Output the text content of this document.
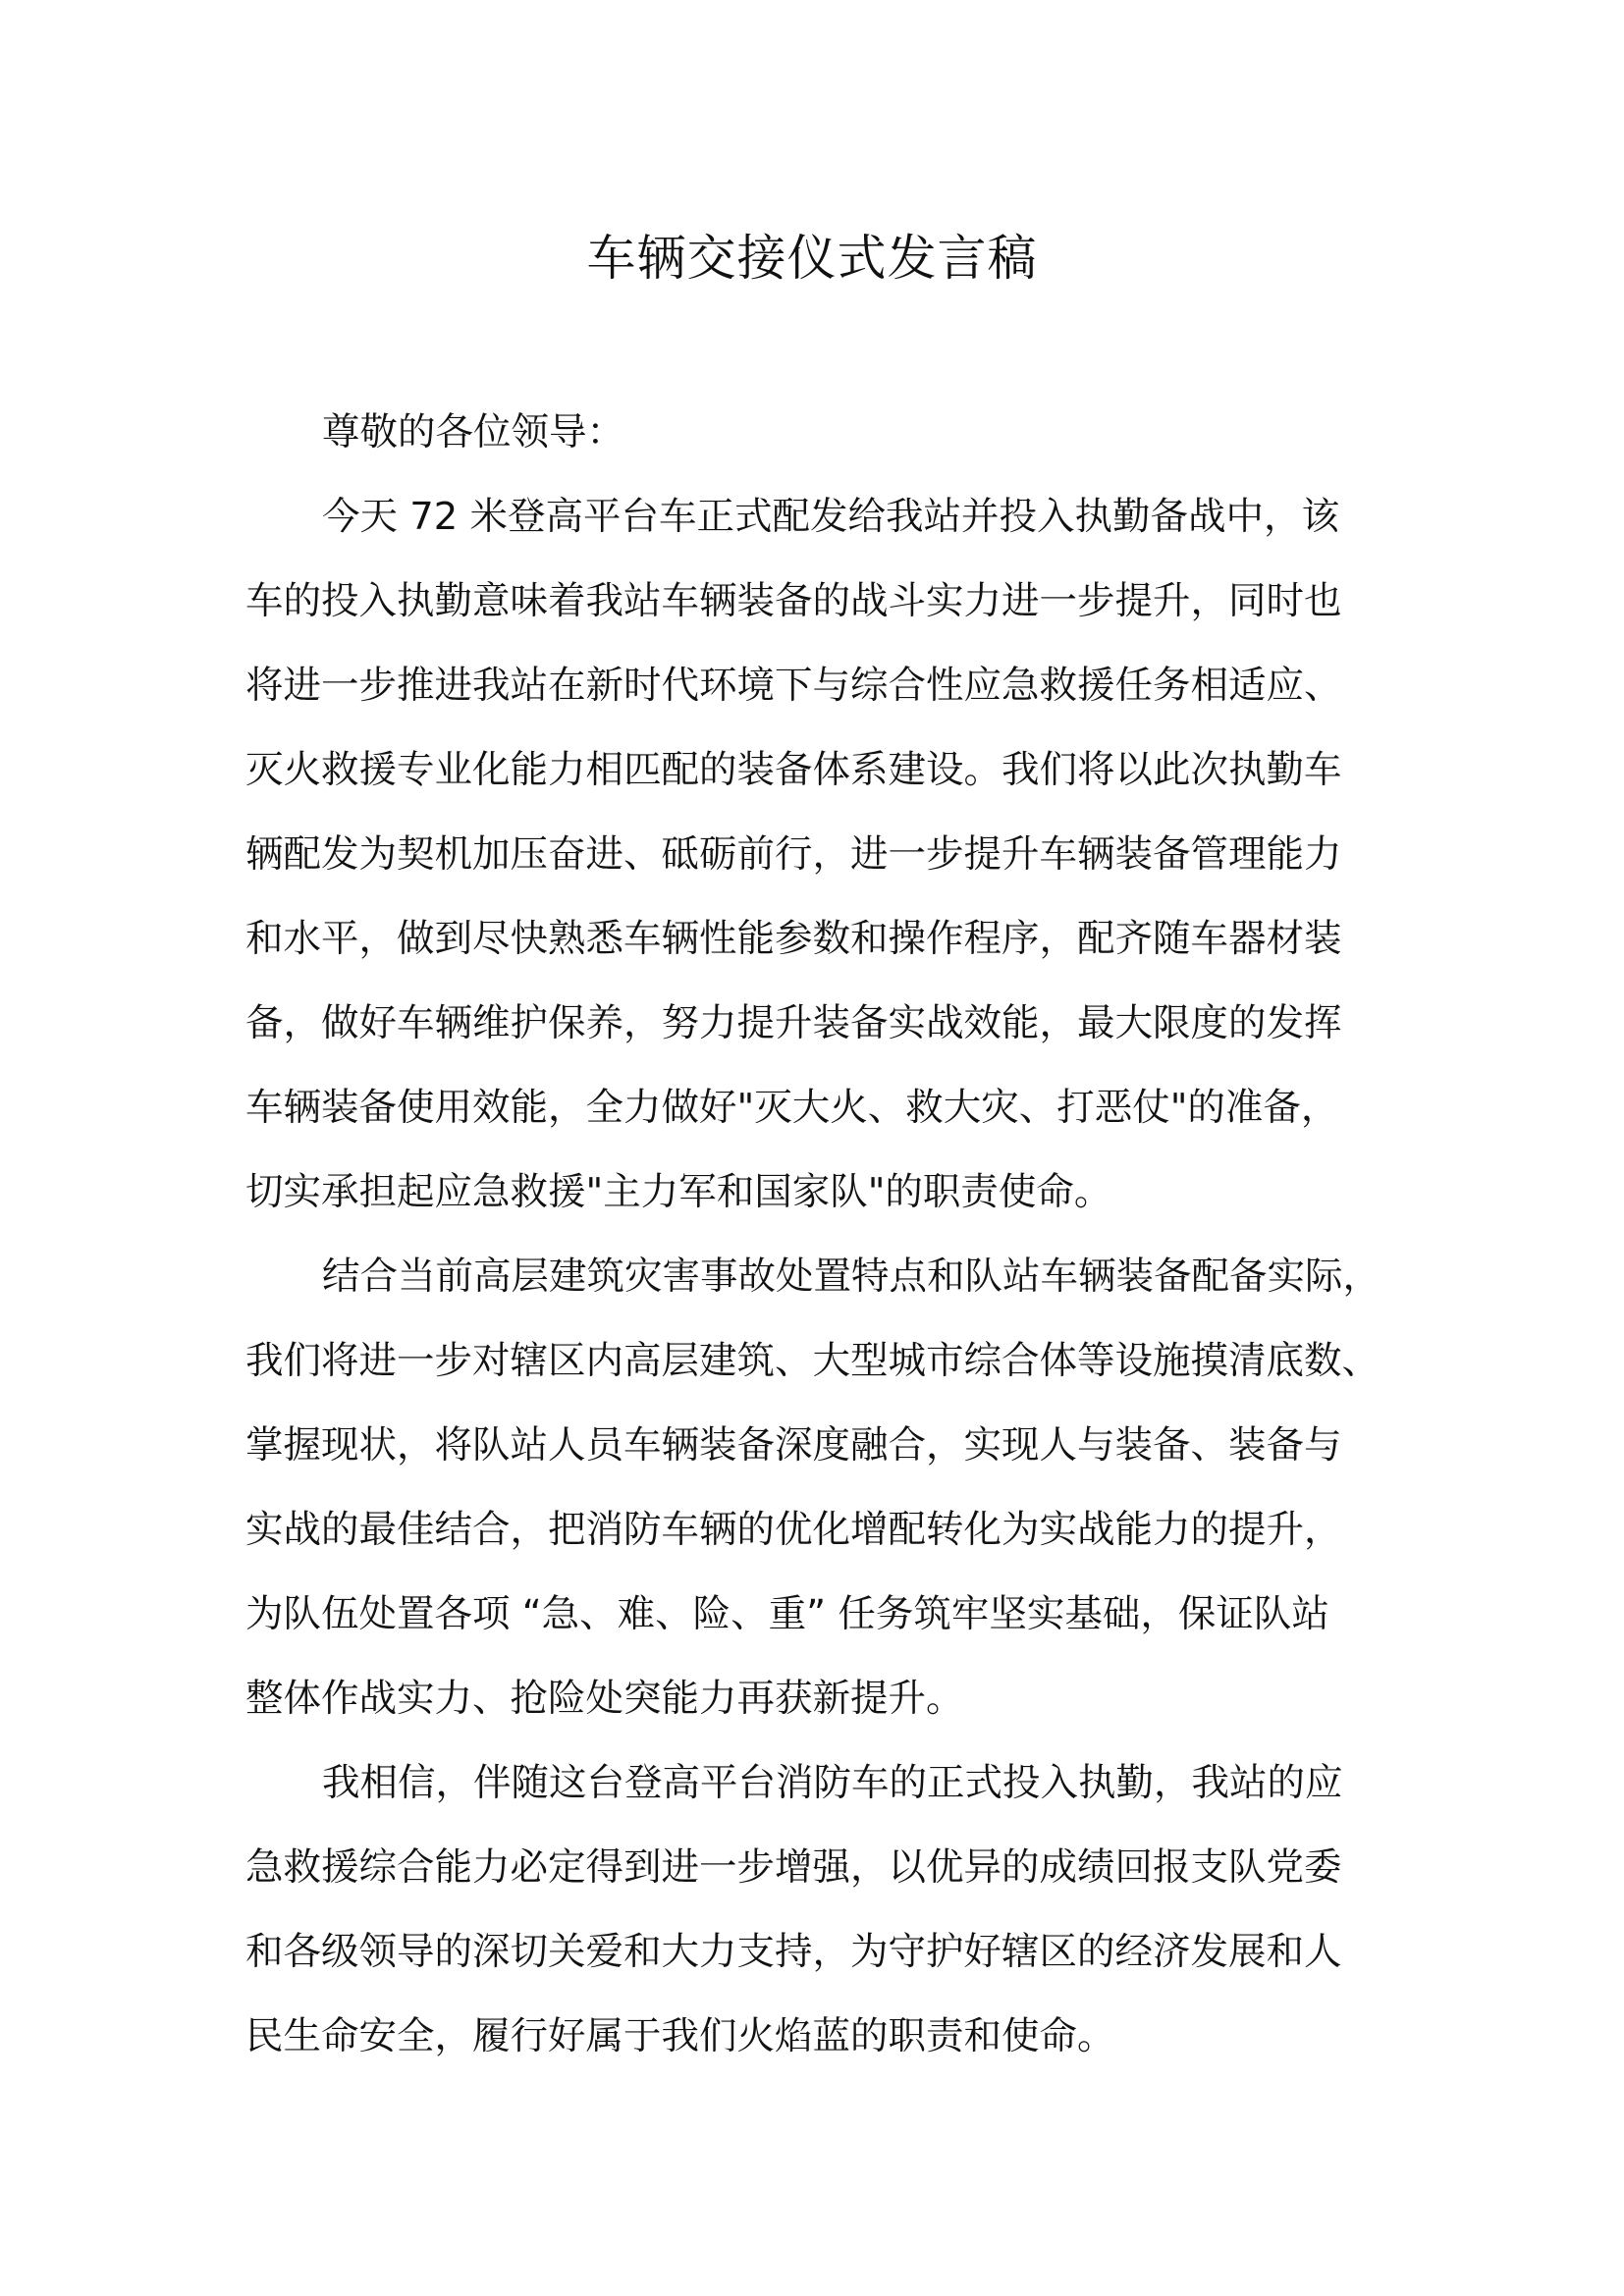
车辆交接仪式发言稿

尊敬的各位领导：

今天 72 米登高平台车正式配发给我站并投入执勤备战中，该

车的投入执勤意味着我站车辆装备的战斗实力进一步提升，同时也

将进一步推进我站在新时代环境下与综合性应急救援任务相适应、

灭火救援专业化能力相匹配的装备体系建设。我们将以此次执勤车

辆配发为契机加压奋进、砥砺前行，进一步提升车辆装备管理能力

和水平，做到尽快熟悉车辆性能参数和操作程序，配齐随车器材装

备，做好车辆维护保养，努力提升装备实战效能，最大限度的发挥

车辆装备使用效能，全力做好"灭大火、救大灾、打恶仗"的准备，

切实承担起应急救援"主力军和国家队"的职责使命。

结合当前高层建筑灾害事故处置特点和队站车辆装备配备实际，

我们将进一步对辖区内高层建筑、大型城市综合体等设施摸清底数、

掌握现状，将队站人员车辆装备深度融合，实现人与装备、装备与

实战的最佳结合，把消防车辆的优化增配转化为实战能力的提升，

为队伍处置各项 “急、难、险、重” 任务筑牢坚实基础，保证队站

整体作战实力、抢险处突能力再获新提升。

我相信，伴随这台登高平台消防车的正式投入执勤，我站的应

急救援综合能力必定得到进一步增强，以优异的成绩回报支队党委

和各级领导的深切关爱和大力支持，为守护好辖区的经济发展和人

民生命安全，履行好属于我们火焰蓝的职责和使命。
